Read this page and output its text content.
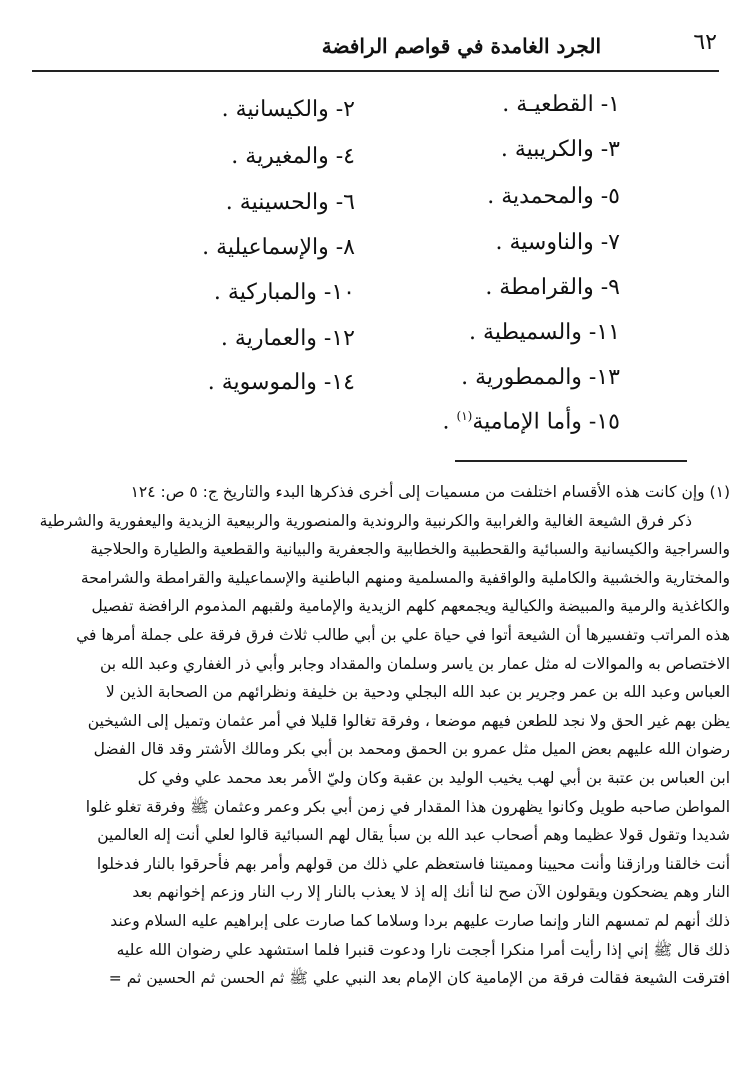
الجرد الغامدة في قواصم الرافضة	٦٢
١- القطعيـة .
٢- والكيسانية .
٣- والكريبية .
٤- والمغيرية .
٥- والمحمدية .
٦- والحسينية .
٧- والناوسية .
٨- والإسماعيلية .
٩- والقرامطة .
١٠- والمباركية .
١١- والسميطية .
١٢- والعمارية .
١٣- والممطورية .
١٤- والموسوية .
١٥- وأما الإمامية$^{(١)}$ .
(١) وإن كانت هذه الأقسام اختلفت من مسميات إلى أخرى فذكرها البدء والتاريخ ج: ٥ ص: ١٢٤
ذكر فرق الشيعة الغالية والغرابية والكرنبية والروندية والمنصورية والربيعية الزيدية واليعفورية والشرطية
والسراجية والكيسانية والسبائية والقحطبية والخطابية والجعفرية والبيانية والقطعية والطيارة والحلاجية
والمختارية والخشبية والكاملية والواقفية والمسلمية ومنهم الباطنية والإسماعيلية والقرامطة والشرامحة
والكاغذية والرمية والمبيضة والكيالية ويجمعهم كلهم الزيدية والإمامية ولقبهم المذموم الرافضة تفصيل
هذه المراتب وتفسيرها أن الشيعة أتوا في حياة علي بن أبي طالب ثلاث فرق فرقة على جملة أمرها في
الاختصاص به والموالات له مثل عمار بن ياسر وسلمان والمقداد وجابر وأبي ذر الغفاري وعبد الله بن
العباس وعبد الله بن عمر وجرير بن عبد الله البجلي ودحية بن خليفة ونظرائهم من الصحابة الذين لا
يظن بهم غير الحق ولا نجد للطعن فيهم موضعا ، وفرقة تغالوا قليلا في أمر عثمان وتميل إلى الشيخين
رضوان الله عليهم بعض الميل مثل عمرو بن الحمق ومحمد بن أبي بكر ومالك الأشتر وقد قال الفضل
ابن العباس بن عتبة بن أبي لهب يخيب الوليد بن عقبة وكان وليّ الأمر بعد محمد علي وفي كل
المواطن صاحبه طويل وكانوا يظهرون هذا المقدار في زمن أبي بكر وعمر وعثمان ﷺ وفرقة تغلو غلوا
شديدا وتقول قولا عظيما وهم أصحاب عبد الله بن سبأ يقال لهم السبائية قالوا لعلي أنت إله العالمين
أنت خالقنا ورازقنا وأنت محيينا ومميتنا فاستعظم علي ذلك من قولهم وأمر بهم فأحرقوا بالنار فدخلوا
النار وهم يضحكون ويقولون الآن صح لنا أنك إله إذ لا يعذب بالنار إلا رب النار وزعم إخوانهم بعد
ذلك أنهم لم تمسهم النار وإنما صارت عليهم بردا وسلاما كما صارت على إبراهيم عليه السلام وعند
ذلك قال ﷺ إني إذا رأيت أمرا منكرا أججت نارا ودعوت قنبرا فلما استشهد علي رضوان الله عليه
افترقت الشيعة فقالت فرقة من الإمامية كان الإمام بعد النبي علي ﷺ ثم الحسن ثم الحسين ثم =
